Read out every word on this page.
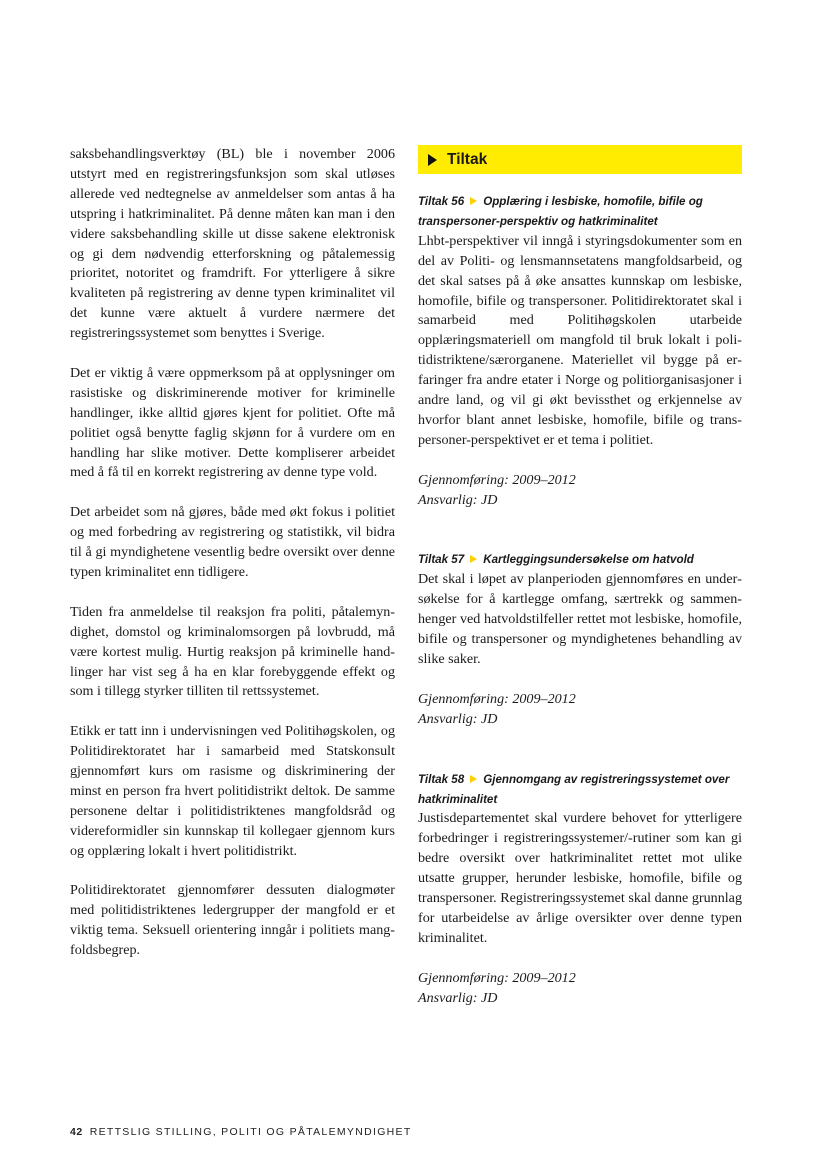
saksbehandlingsverktøy (BL) ble i november 2006 utstyrt med en registreringsfunksjon som skal utløses allerede ved nedtegnelse av anmeldelser som antas å ha utspring i hatkriminalitet. På denne måten kan man i den videre saksbehandling skille ut disse sakene elektronisk og gi dem nødvendig etterforskning og påtalemessig prioritet, notoritet og framdrift. For ytterligere å sikre kvaliteten på registrering av denne typen kriminalitet vil det kunne være aktuelt å vurdere nærmere det registreringssystemet som benyttes i Sverige.

Det er viktig å være oppmerksom på at opplysninger om rasistiske og diskriminerende motiver for kriminelle handlinger, ikke alltid gjøres kjent for politiet. Ofte må politiet også benytte faglig skjønn for å vurdere om en handling har slike motiver. Dette kompliserer arbeidet med å få til en korrekt registrering av denne type vold.

Det arbeidet som nå gjøres, både med økt fokus i politiet og med forbedring av registrering og statistikk, vil bidra til å gi myndighetene vesentlig bedre oversikt over denne typen kriminalitet enn tidligere.

Tiden fra anmeldelse til reaksjon fra politi, påtalemyndighet, domstol og kriminalomsorgen på lovbrudd, må være kortest mulig. Hurtig reaksjon på kriminelle handlinger har vist seg å ha en klar forebyggende effekt og som i tillegg styrker tilliten til rettssystemet.

Etikk er tatt inn i undervisningen ved Politihøgskolen, og Politidirektoratet har i samarbeid med Statskonsult gjennomført kurs om rasisme og diskriminering der minst en person fra hvert politidistrikt deltok. De samme personene deltar i politidistriktenes mangfoldsråd og videreformidler sin kunnskap til kollegaer gjennom kurs og opplæring lokalt i hvert politidistrikt.

Politidirektoratet gjennomfører dessuten dialogmøter med politidistriktenes ledergrupper der mangfold er et viktig tema. Seksuell orientering inngår i politiets mangfoldsbegrep.

Tiltak
Tiltak 56 Opplæring i lesbiske, homofile, bifile og transpersoner-perspektiv og hatkriminalitet

Lhbt-perspektiver vil inngå i styringsdokumenter som en del av Politi- og lensmannsetatens mangfoldsarbeid, og det skal satses på å øke ansattes kunnskap om lesbiske, homofile, bifile og transpersoner. Politidirektoratet skal i samarbeid med Politihøgskolen utarbeide opplæringsmateriell om mangfold til bruk lokalt i politidistriktene/særorganene. Materiellet vil bygge på erfaringer fra andre etater i Norge og politiorganisasjoner i andre land, og vil gi økt bevissthet og erkjennelse av hvorfor blant annet lesbiske, homofile, bifile og transpersoner-perspektivet er et tema i politiet.

Gjennomføring: 2009–2012

Ansvarlig: JD

Tiltak 57 Kartleggingsundersøkelse om hatvold

Det skal i løpet av planperioden gjennomføres en undersøkelse for å kartlegge omfang, særtrekk og sammenhenger ved hatvoldstilfeller rettet mot lesbiske, homofile, bifile og transpersoner og myndighetenes behandling av slike saker.

Gjennomføring: 2009–2012

Ansvarlig: JD

Tiltak 58 Gjennomgang av registreringssystemet over hatkriminalitet

Justisdepartementet skal vurdere behovet for ytterligere forbedringer i registreringssystemer/-rutiner som kan gi bedre oversikt over hatkriminalitet rettet mot ulike utsatte grupper, herunder lesbiske, homofile, bifile og transpersoner. Registreringssystemet skal danne grunnlag for utarbeidelse av årlige oversikter over denne typen kriminalitet.

Gjennomføring: 2009–2012

Ansvarlig: JD

42 RETTSLIG STILLING, POLITI OG PÅTALEMYNDIGHET
